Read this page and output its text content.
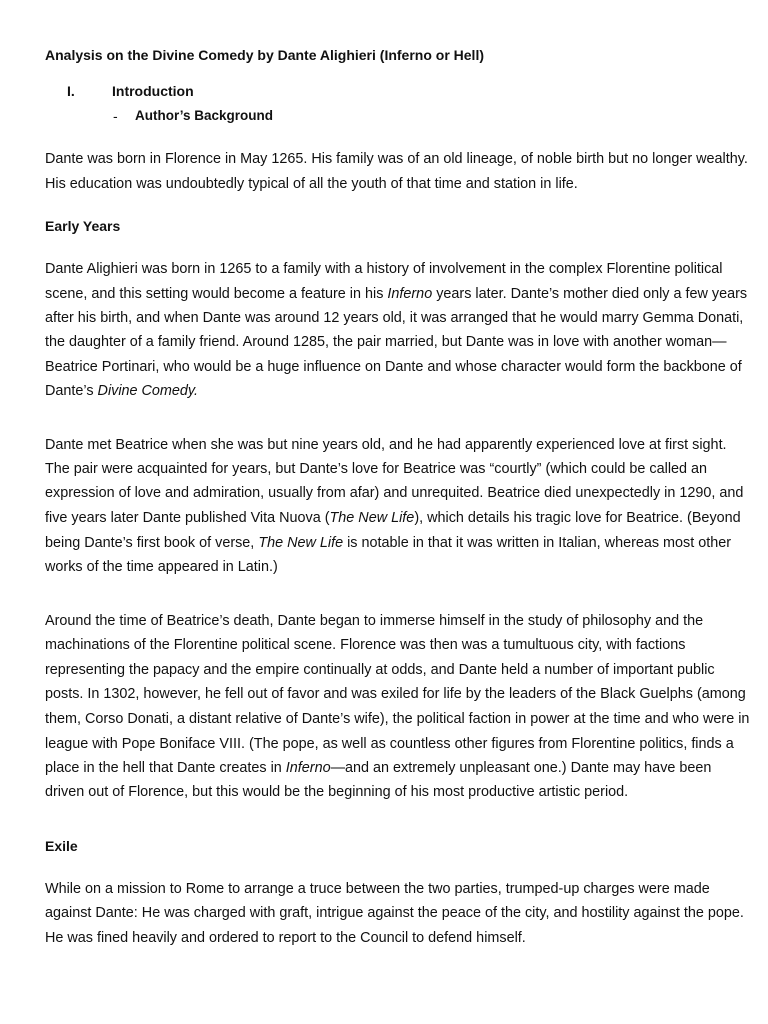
Analysis on the Divine Comedy by Dante Alighieri (Inferno or Hell)
I.	Introduction
- Author’s Background
Dante was born in Florence in May 1265. His family was of an old lineage, of noble birth but no longer wealthy.
His education was undoubtedly typical of all the youth of that time and station in life.
Early Years
Dante Alighieri was born in 1265 to a family with a history of involvement in the complex Florentine political
scene, and this setting would become a feature in his Inferno years later. Dante’s mother died only a few years
after his birth, and when Dante was around 12 years old, it was arranged that he would marry Gemma Donati,
the daughter of a family friend. Around 1285, the pair married, but Dante was in love with another woman—
Beatrice Portinari, who would be a huge influence on Dante and whose character would form the backbone of
Dante’s Divine Comedy.
Dante met Beatrice when she was but nine years old, and he had apparently experienced love at first sight.
The pair were acquainted for years, but Dante’s love for Beatrice was “courtly” (which could be called an
expression of love and admiration, usually from afar) and unrequited. Beatrice died unexpectedly in 1290, and
five years later Dante published Vita Nuova (The New Life), which details his tragic love for Beatrice. (Beyond
being Dante’s first book of verse, The New Life is notable in that it was written in Italian, whereas most other
works of the time appeared in Latin.)
Around the time of Beatrice’s death, Dante began to immerse himself in the study of philosophy and the
machinations of the Florentine political scene. Florence was then was a tumultuous city, with factions
representing the papacy and the empire continually at odds, and Dante held a number of important public
posts. In 1302, however, he fell out of favor and was exiled for life by the leaders of the Black Guelphs (among
them, Corso Donati, a distant relative of Dante’s wife), the political faction in power at the time and who were in
league with Pope Boniface VIII. (The pope, as well as countless other figures from Florentine politics, finds a
place in the hell that Dante creates in Inferno—and an extremely unpleasant one.) Dante may have been
driven out of Florence, but this would be the beginning of his most productive artistic period.
Exile
While on a mission to Rome to arrange a truce between the two parties, trumped-up charges were made
against Dante: He was charged with graft, intrigue against the peace of the city, and hostility against the pope.
He was fined heavily and ordered to report to the Council to defend himself.
